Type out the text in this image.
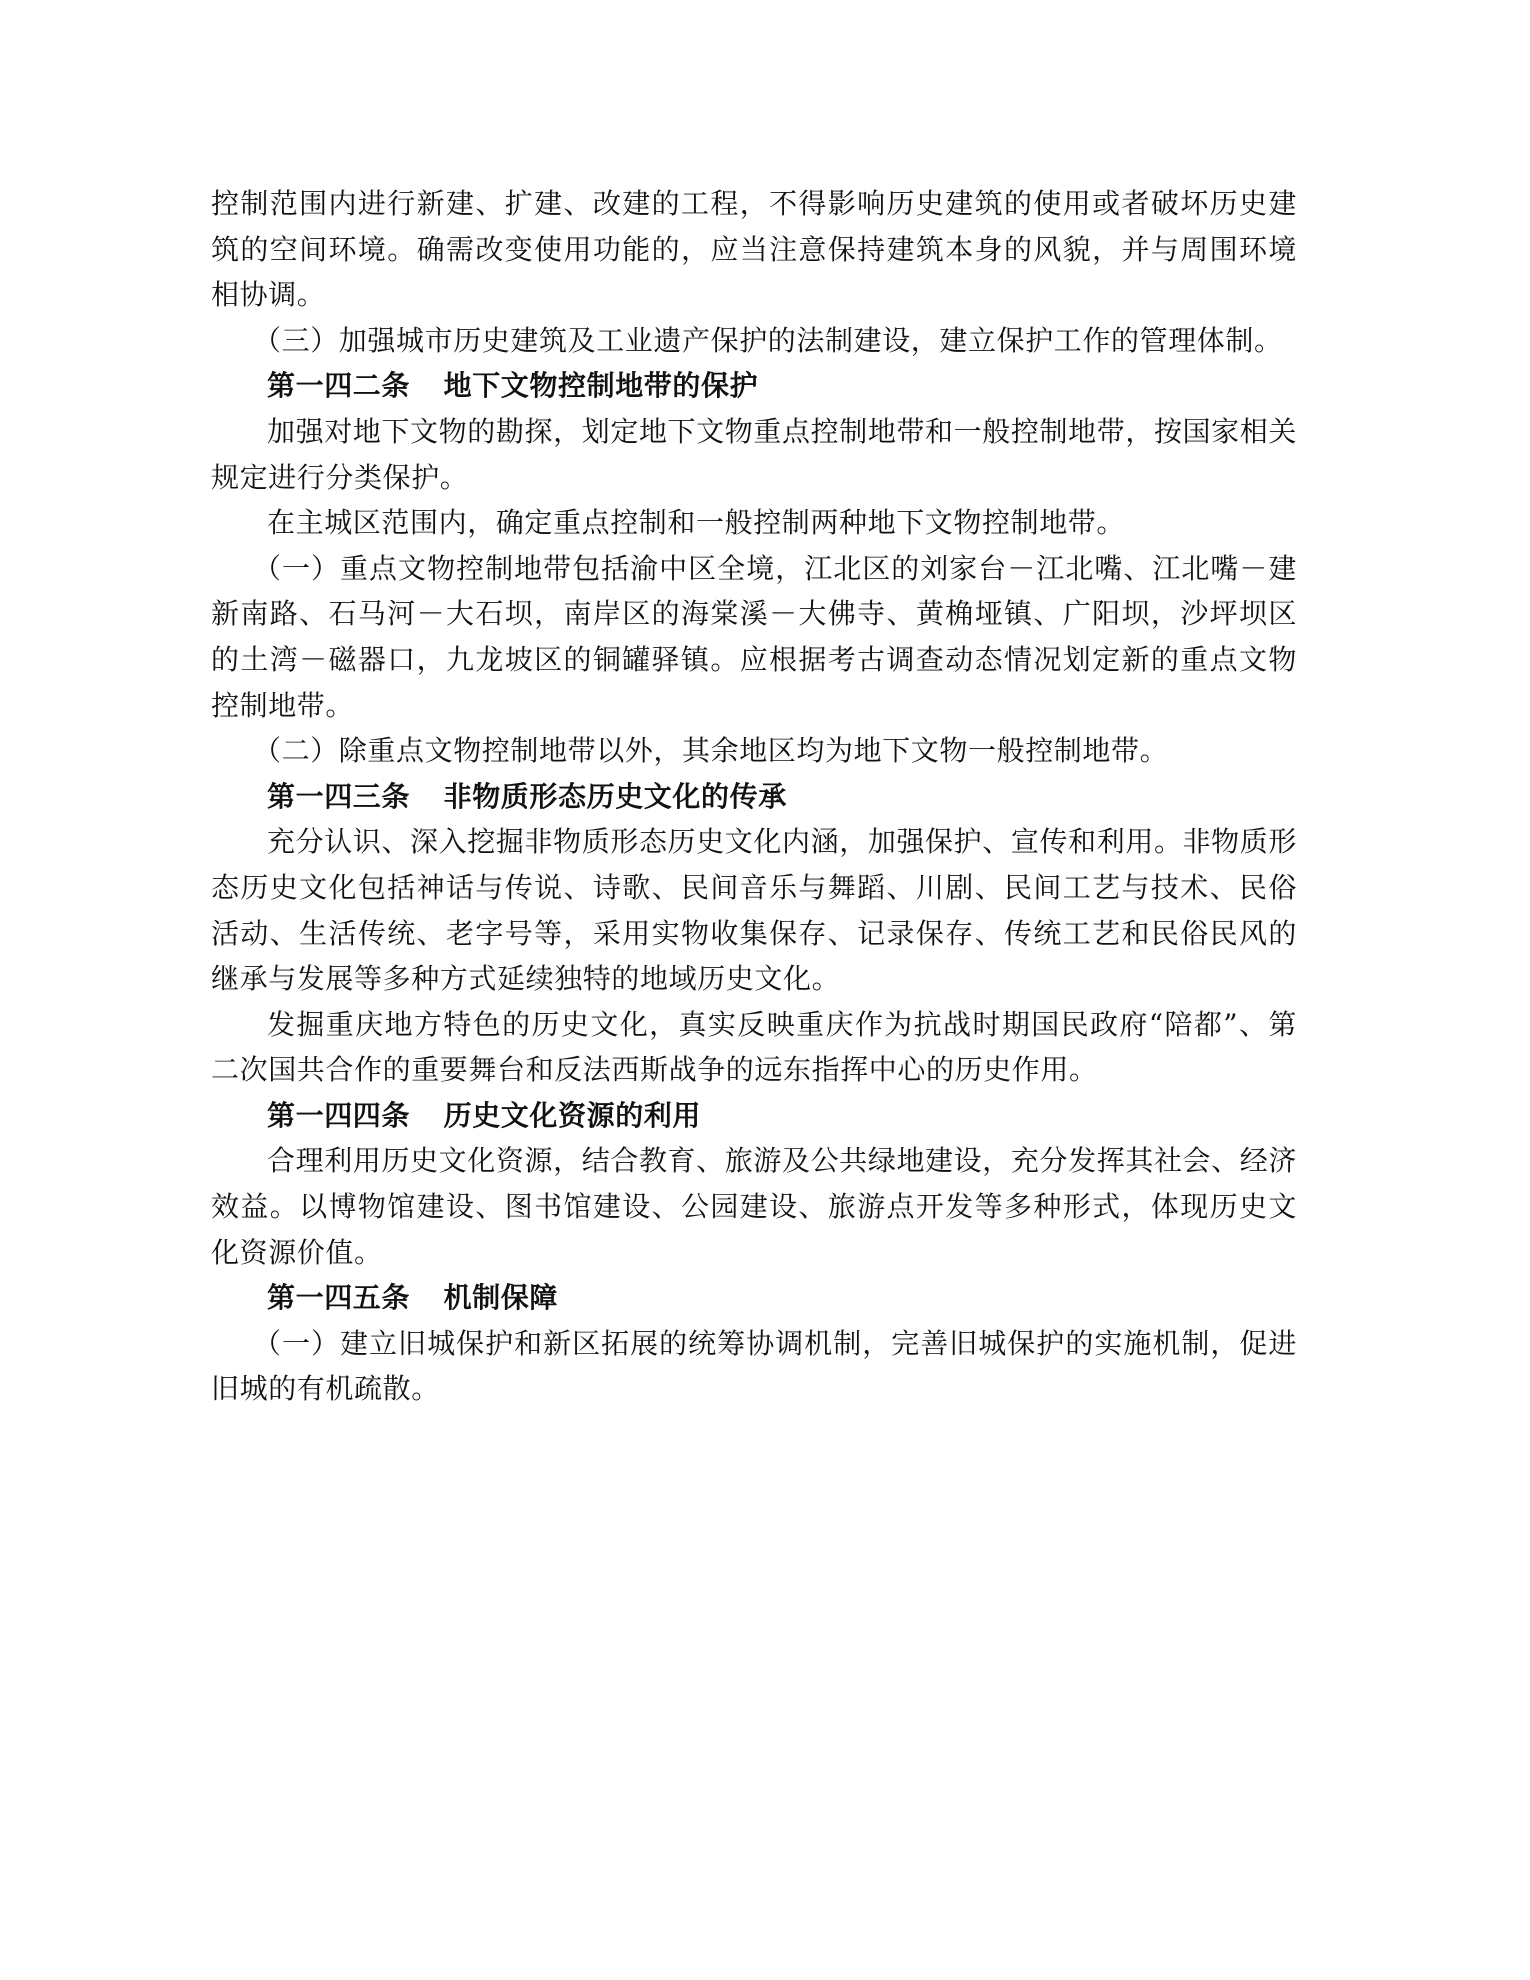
控制范围内进行新建、扩建、改建的工程，不得影响历史建筑的使用或者破坏历史建筑的空间环境。确需改变使用功能的，应当注意保持建筑本身的风貌，并与周围环境相协调。

（三）加强城市历史建筑及工业遗产保护的法制建设，建立保护工作的管理体制。

第一四二条 地下文物控制地带的保护

加强对地下文物的勘探，划定地下文物重点控制地带和一般控制地带，按国家相关规定进行分类保护。

在主城区范围内，确定重点控制和一般控制两种地下文物控制地带。

（一）重点文物控制地带包括渝中区全境，江北区的刘家台－江北嘴、江北嘴－建新南路、石马河－大石坝，南岸区的海棠溪－大佛寺、黄桷垭镇、广阳坝，沙坪坝区的土湾－磁器口，九龙坡区的铜罐驿镇。应根据考古调查动态情况划定新的重点文物控制地带。

（二）除重点文物控制地带以外，其余地区均为地下文物一般控制地带。

第一四三条 非物质形态历史文化的传承

充分认识、深入挖掘非物质形态历史文化内涵，加强保护、宣传和利用。非物质形态历史文化包括神话与传说、诗歌、民间音乐与舞蹈、川剧、民间工艺与技术、民俗活动、生活传统、老字号等，采用实物收集保存、记录保存、传统工艺和民俗民风的继承与发展等多种方式延续独特的地域历史文化。

发掘重庆地方特色的历史文化，真实反映重庆作为抗战时期国民政府“陪都”、第二次国共合作的重要舞台和反法西斯战争的远东指挥中心的历史作用。

第一四四条 历史文化资源的利用

合理利用历史文化资源，结合教育、旅游及公共绿地建设，充分发挥其社会、经济效益。以博物馆建设、图书馆建设、公园建设、旅游点开发等多种形式，体现历史文化资源价值。

第一四五条 机制保障

（一）建立旧城保护和新区拓展的统筹协调机制，完善旧城保护的实施机制，促进旧城的有机疏散。
